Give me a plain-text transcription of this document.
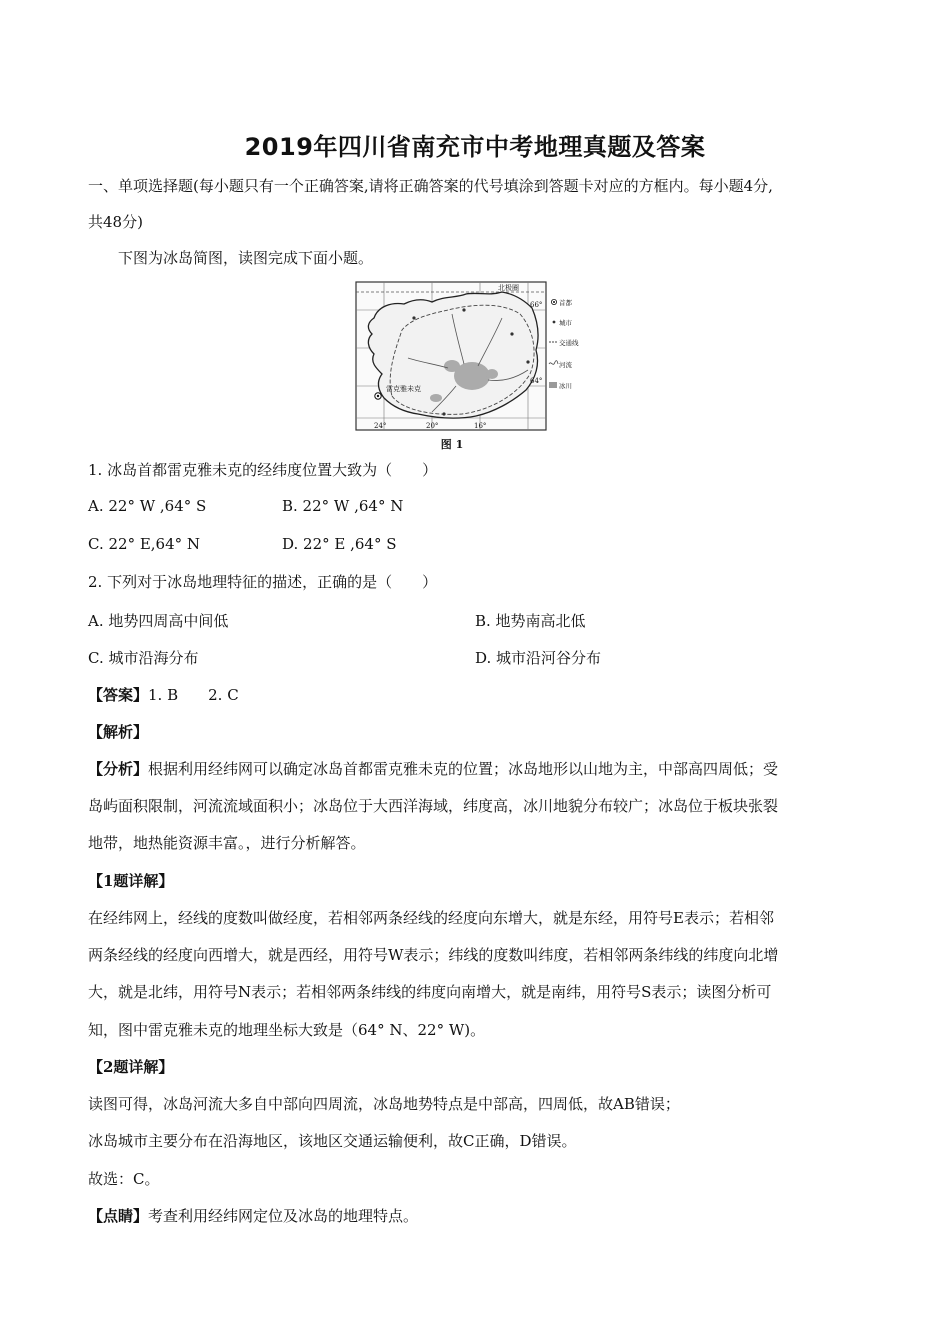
2019年四川省南充市中考地理真题及答案
一、单项选择题(每小题只有一个正确答案,请将正确答案的代号填涂到答题卡对应的方框内。每小题4分,
共48分)
下图为冰岛简图，读图完成下面小题。
雷克雅未克
北极圈
66°
64°
24°	20°	16°
首都
城市
交通线
河流
冰川
图 1
1. 冰岛首都雷克雅未克的经纬度位置大致为（　　）
A. 22° W ,64° S	B. 22° W ,64° N
C. 22° E,64° N	D. 22° E ,64° S
2. 下列对于冰岛地理特征的描述，正确的是（　　）
A. 地势四周高中间低	B. 地势南高北低
C. 城市沿海分布	D. 城市沿河谷分布
【答案】1. B　　2. C
【解析】
【分析】根据利用经纬网可以确定冰岛首都雷克雅未克的位置；冰岛地形以山地为主，中部高四周低；受
岛屿面积限制，河流流域面积小；冰岛位于大西洋海域，纬度高，冰川地貌分布较广；冰岛位于板块张裂
地带，地热能资源丰富。，进行分析解答。
【1题详解】
在经纬网上，经线的度数叫做经度，若相邻两条经线的经度向东增大，就是东经，用符号E表示；若相邻
两条经线的经度向西增大，就是西经，用符号W表示；纬线的度数叫纬度，若相邻两条纬线的纬度向北增
大，就是北纬，用符号N表示；若相邻两条纬线的纬度向南增大，就是南纬，用符号S表示；读图分析可
知，图中雷克雅未克的地理坐标大致是（64° N、22° W)。
【2题详解】
读图可得，冰岛河流大多自中部向四周流，冰岛地势特点是中部高，四周低，故AB错误；
冰岛城市主要分布在沿海地区，该地区交通运输便利，故C正确，D错误。
故选：C。
【点睛】考查利用经纬网定位及冰岛的地理特点。
